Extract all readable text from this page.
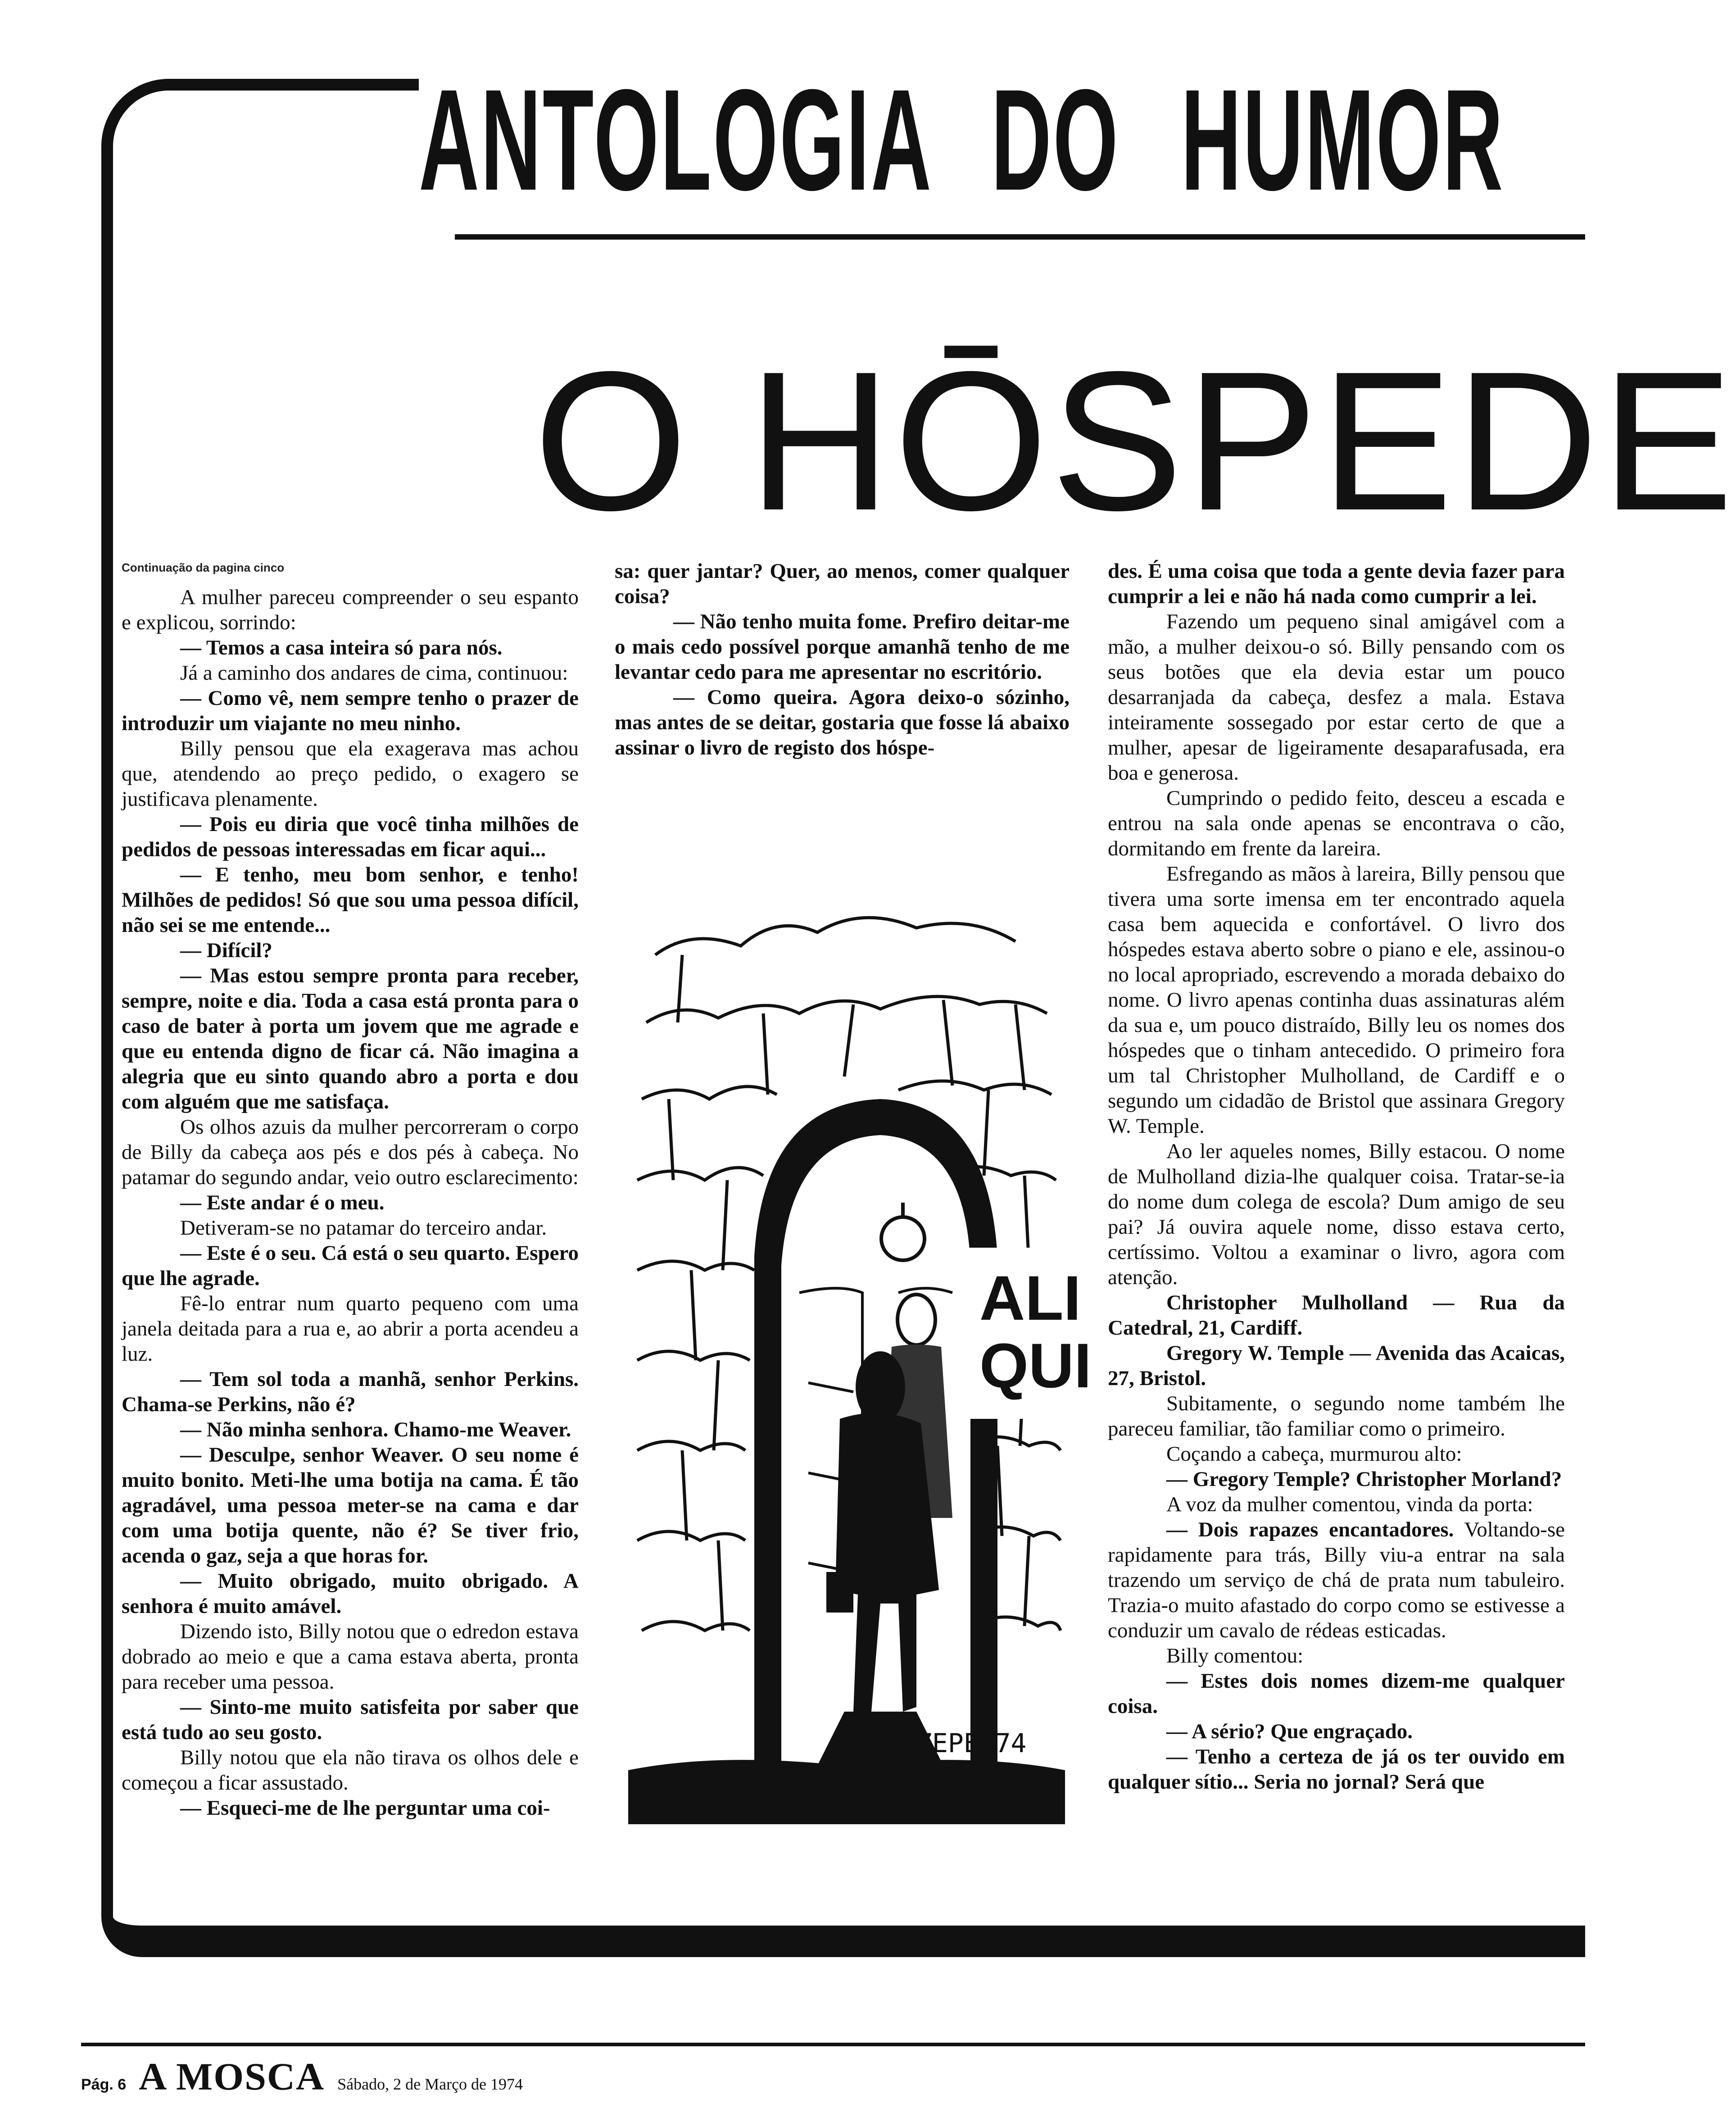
ANTOLOGIA DO HUMOR
O HŌSPEDE
Continuação da pagina cinco

A mulher pareceu compreender o seu espanto e explicou, sorrindo:

— Temos a casa inteira só para nós.

Já a caminho dos andares de cima, continuou:

— Como vê, nem sempre tenho o prazer de introduzir um viajante no meu ninho.

Billy pensou que ela exagerava mas achou que, atendendo ao preço pedido, o exagero se justificava plenamente.

— Pois eu diria que você tinha milhões de pedidos de pessoas interessadas em ficar aqui...

— E tenho, meu bom senhor, e tenho! Milhões de pedidos! Só que sou uma pessoa difícil, não sei se me entende...

— Difícil?

— Mas estou sempre pronta para receber, sempre, noite e dia. Toda a casa está pronta para o caso de bater à porta um jovem que me agrade e que eu entenda digno de ficar cá. Não imagina a alegria que eu sinto quando abro a porta e dou com alguém que me satisfaça.

Os olhos azuis da mulher percorreram o corpo de Billy da cabeça aos pés e dos pés à cabeça. No patamar do segundo andar, veio outro esclarecimento:

— Este andar é o meu.

Detiveram-se no patamar do terceiro andar.

— Este é o seu. Cá está o seu quarto. Espero que lhe agrade.

Fê-lo entrar num quarto pequeno com uma janela deitada para a rua e, ao abrir a porta acendeu a luz.

— Tem sol toda a manhã, senhor Perkins. Chama-se Perkins, não é?

— Não minha senhora. Chamo-me Weaver.

— Desculpe, senhor Weaver. O seu nome é muito bonito. Meti-lhe uma botija na cama. É tão agradável, uma pessoa meter-se na cama e dar com uma botija quente, não é? Se tiver frio, acenda o gaz, seja a que horas for.

— Muito obrigado, muito obrigado. A senhora é muito amável.

Dizendo isto, Billy notou que o edredon estava dobrado ao meio e que a cama estava aberta, pronta para receber uma pessoa.

— Sinto-me muito satisfeita por saber que está tudo ao seu gosto.

Billy notou que ela não tirava os olhos dele e começou a ficar assustado.

— Esqueci-me de lhe perguntar uma coi-

sa: quer jantar? Quer, ao menos, comer qualquer coisa?

— Não tenho muita fome. Prefiro deitar-me o mais cedo possível porque amanhã tenho de me levantar cedo para me apresentar no escritório.

— Como queira. Agora deixo-o sózinho, mas antes de se deitar, gostaria que fosse lá abaixo assinar o livro de registo dos hóspe-

des. É uma coisa que toda a gente devia fazer para cumprir a lei e não há nada como cumprir a lei.

Fazendo um pequeno sinal amigável com a mão, a mulher deixou-o só. Billy pensando com os seus botões que ela devia estar um pouco desarranjada da cabeça, desfez a mala. Estava inteiramente sossegado por estar certo de que a mulher, apesar de ligeiramente desaparafusada, era boa e generosa.

Cumprindo o pedido feito, desceu a escada e entrou na sala onde apenas se encontrava o cão, dormitando em frente da lareira.

Esfregando as mãos à lareira, Billy pensou que tivera uma sorte imensa em ter encontrado aquela casa bem aquecida e confortável. O livro dos hóspedes estava aberto sobre o piano e ele, assinou-o no local apropriado, escrevendo a morada debaixo do nome. O livro apenas continha duas assinaturas além da sua e, um pouco distraído, Billy leu os nomes dos hóspedes que o tinham antecedido. O primeiro fora um tal Christopher Mulholland, de Cardiff e o segundo um cidadão de Bristol que assinara Gregory W. Temple.

Ao ler aqueles nomes, Billy estacou. O nome de Mulholland dizia-lhe qualquer coisa. Tratar-se-ia do nome dum colega de escola? Dum amigo de seu pai? Já ouvira aquele nome, disso estava certo, certíssimo. Voltou a examinar o livro, agora com atenção.

Christopher Mulholland — Rua da Catedral, 21, Cardiff.

Gregory W. Temple — Avenida das Acaicas, 27, Bristol.

Subitamente, o segundo nome também lhe pareceu familiar, tão familiar como o primeiro.

Coçando a cabeça, murmurou alto:

— Gregory Temple? Christopher Morland?

A voz da mulher comentou, vinda da porta:

— Dois rapazes encantadores. Voltando-se rapidamente para trás, Billy viu-a entrar na sala trazendo um serviço de chá de prata num tabuleiro. Trazia-o muito afastado do corpo como se estivesse a conduzir um cavalo de rédeas esticadas.

Billy comentou:

— Estes dois nomes dizem-me qualquer coisa.

— A sério? Que engraçado.

— Tenho a certeza de já os ter ouvido em qualquer sítio... Seria no jornal? Será que

ALI
QUI
ZEPE 74
Pág. 6 A MOSCA Sábado, 2 de Março de 1974
